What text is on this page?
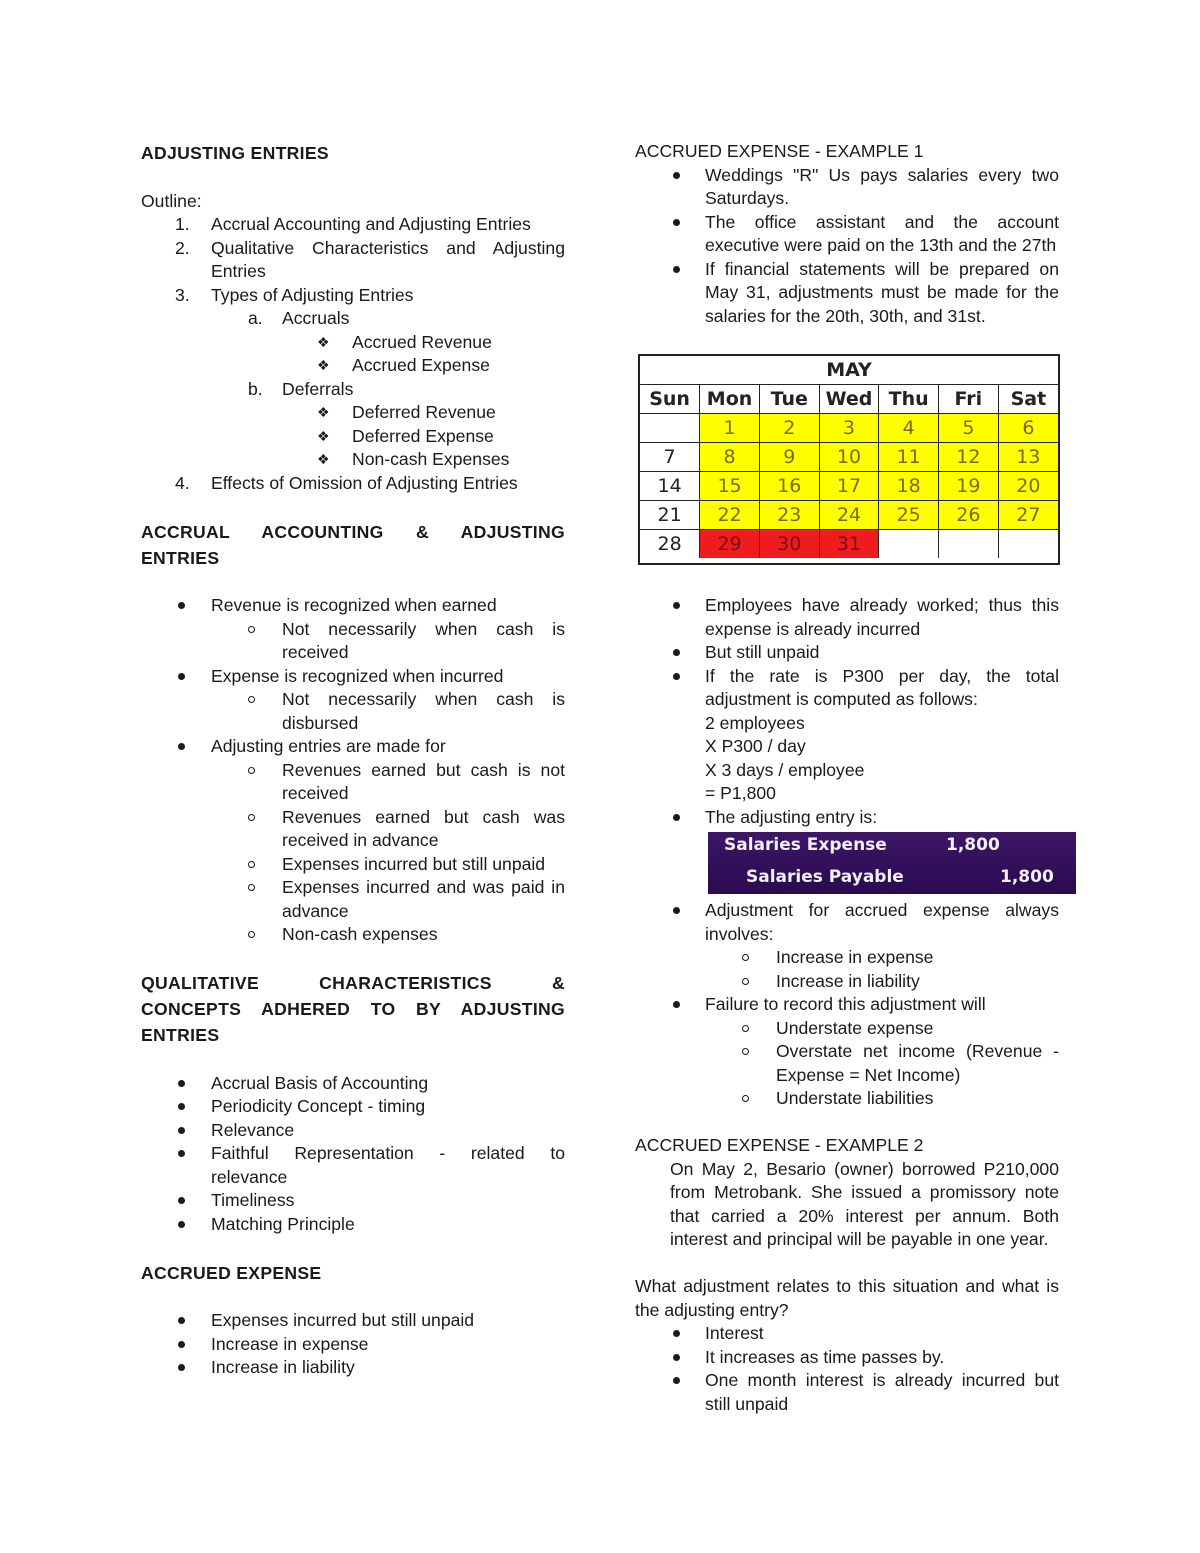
ADJUSTING ENTRIES
Outline:
1. Accrual Accounting and Adjusting Entries
2. Qualitative Characteristics and Adjusting
Entries
3. Types of Adjusting Entries
a. Accruals
❖ Accrued Revenue
❖ Accrued Expense
b. Deferrals
❖ Deferred Revenue
❖ Deferred Expense
❖ Non-cash Expenses
4. Effects of Omission of Adjusting Entries
ACCRUAL ACCOUNTING & ADJUSTING
ENTRIES
Revenue is recognized when earned
Not necessarily when cash is
received
Expense is recognized when incurred
Not necessarily when cash is
disbursed
Adjusting entries are made for
Revenues earned but cash is not
received
Revenues earned but cash was
received in advance
Expenses incurred but still unpaid
Expenses incurred and was paid in
advance
Non-cash expenses
QUALITATIVE CHARACTERISTICS &
CONCEPTS ADHERED TO BY ADJUSTING
ENTRIES
Accrual Basis of Accounting
Periodicity Concept - timing
Relevance
Faithful Representation - related to
relevance
Timeliness
Matching Principle
ACCRUED EXPENSE
Expenses incurred but still unpaid
Increase in expense
Increase in liability
ACCRUED EXPENSE - EXAMPLE 1
Weddings "R" Us pays salaries every two
Saturdays.
The office assistant and the account
executive were paid on the 13th and the 27th
If financial statements will be prepared on
May 31, adjustments must be made for the
salaries for the 20th, 30th, and 31st.
MAY
Sun	Mon	Tue	Wed	Thu	Fri	Sat
	1	2	3	4	5	6
7	8	9	10	11	12	13
14	15	16	17	18	19	20
21	22	23	24	25	26	27
28	29	30	31			
Employees have already worked; thus this
expense is already incurred
But still unpaid
If the rate is P300 per day, the total
adjustment is computed as follows:
2 employees
X P300 / day
X 3 days / employee
= P1,800
The adjusting entry is:
Salaries Expense	1,800
Salaries Payable	1,800
Adjustment for accrued expense always
involves:
Increase in expense
Increase in liability
Failure to record this adjustment will
Understate expense
Overstate net income (Revenue -
Expense = Net Income)
Understate liabilities
ACCRUED EXPENSE - EXAMPLE 2
On May 2, Besario (owner) borrowed P210,000
from Metrobank. She issued a promissory note
that carried a 20% interest per annum. Both
interest and principal will be payable in one year.
What adjustment relates to this situation and what is
the adjusting entry?
Interest
It increases as time passes by.
One month interest is already incurred but
still unpaid
